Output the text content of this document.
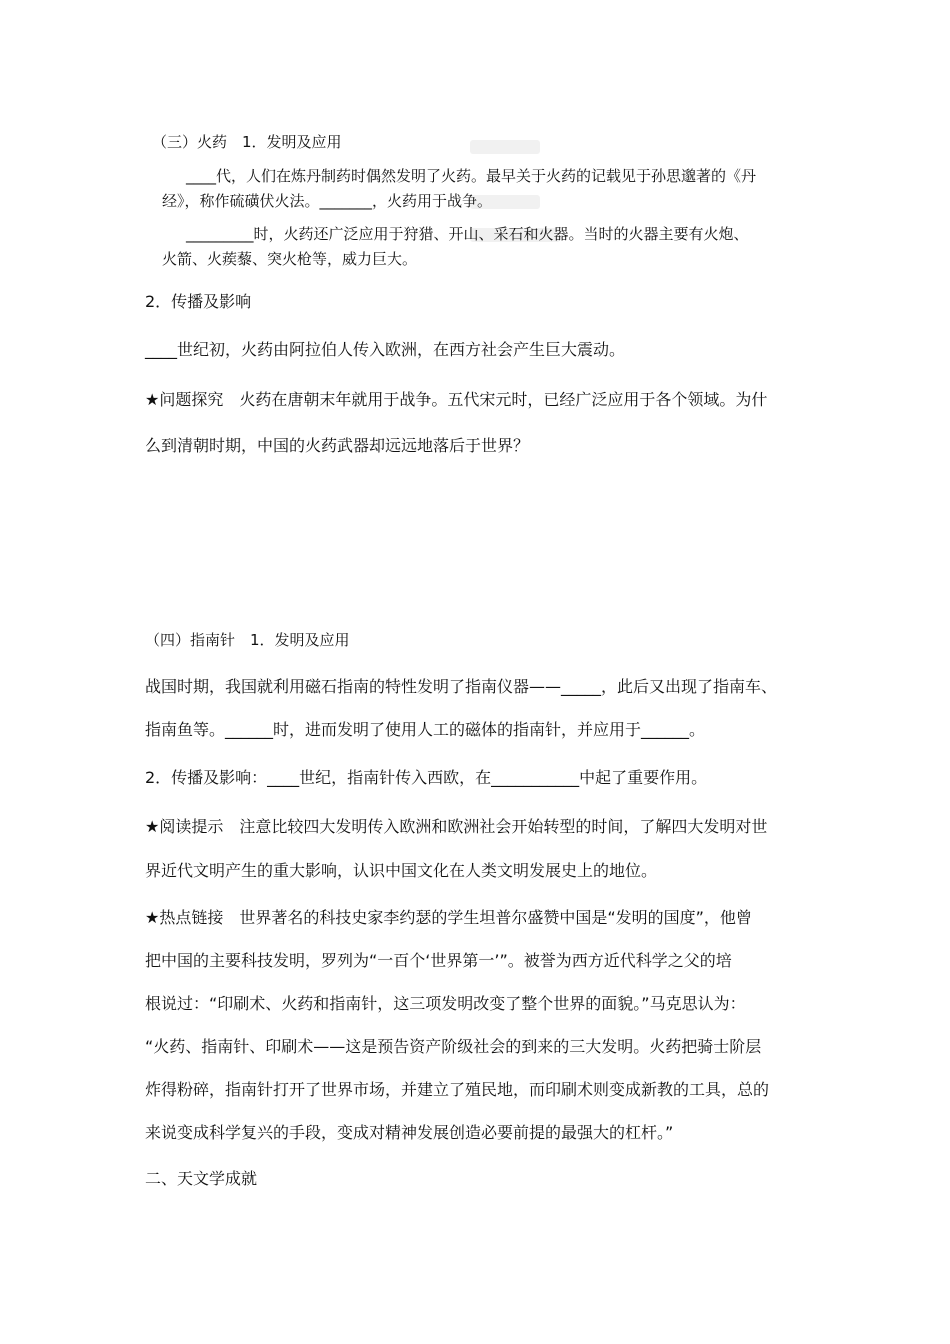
（三）火药　1．发明及应用
____代，人们在炼丹制药时偶然发明了火药。最早关于火药的记载见于孙思邈著的《丹
经》，称作硫磺伏火法。_______，火药用于战争。
_________时，火药还广泛应用于狩猎、开山、采石和火器。当时的火器主要有火炮、
火箭、火蒺藜、突火枪等，威力巨大。
2．传播及影响
____世纪初，火药由阿拉伯人传入欧洲，在西方社会产生巨大震动。
★问题探究　火药在唐朝末年就用于战争。五代宋元时，已经广泛应用于各个领域。为什
么到清朝时期，中国的火药武器却远远地落后于世界？
（四）指南针　1．发明及应用
战国时期，我国就利用磁石指南的特性发明了指南仪器——_____，此后又出现了指南车、
指南鱼等。______时，进而发明了使用人工的磁体的指南针，并应用于______。
2．传播及影响：____世纪，指南针传入西欧，在___________中起了重要作用。
★阅读提示　注意比较四大发明传入欧洲和欧洲社会开始转型的时间，了解四大发明对世
界近代文明产生的重大影响，认识中国文化在人类文明发展史上的地位。
★热点链接　世界著名的科技史家李约瑟的学生坦普尔盛赞中国是“发明的国度”，他曾
把中国的主要科技发明，罗列为“一百个‘世界第一’”。被誉为西方近代科学之父的培
根说过：“印刷术、火药和指南针，这三项发明改变了整个世界的面貌。”马克思认为：
“火药、指南针、印刷术——这是预告资产阶级社会的到来的三大发明。火药把骑士阶层
炸得粉碎，指南针打开了世界市场，并建立了殖民地，而印刷术则变成新教的工具，总的
来说变成科学复兴的手段，变成对精神发展创造必要前提的最强大的杠杆。”
二、天文学成就
